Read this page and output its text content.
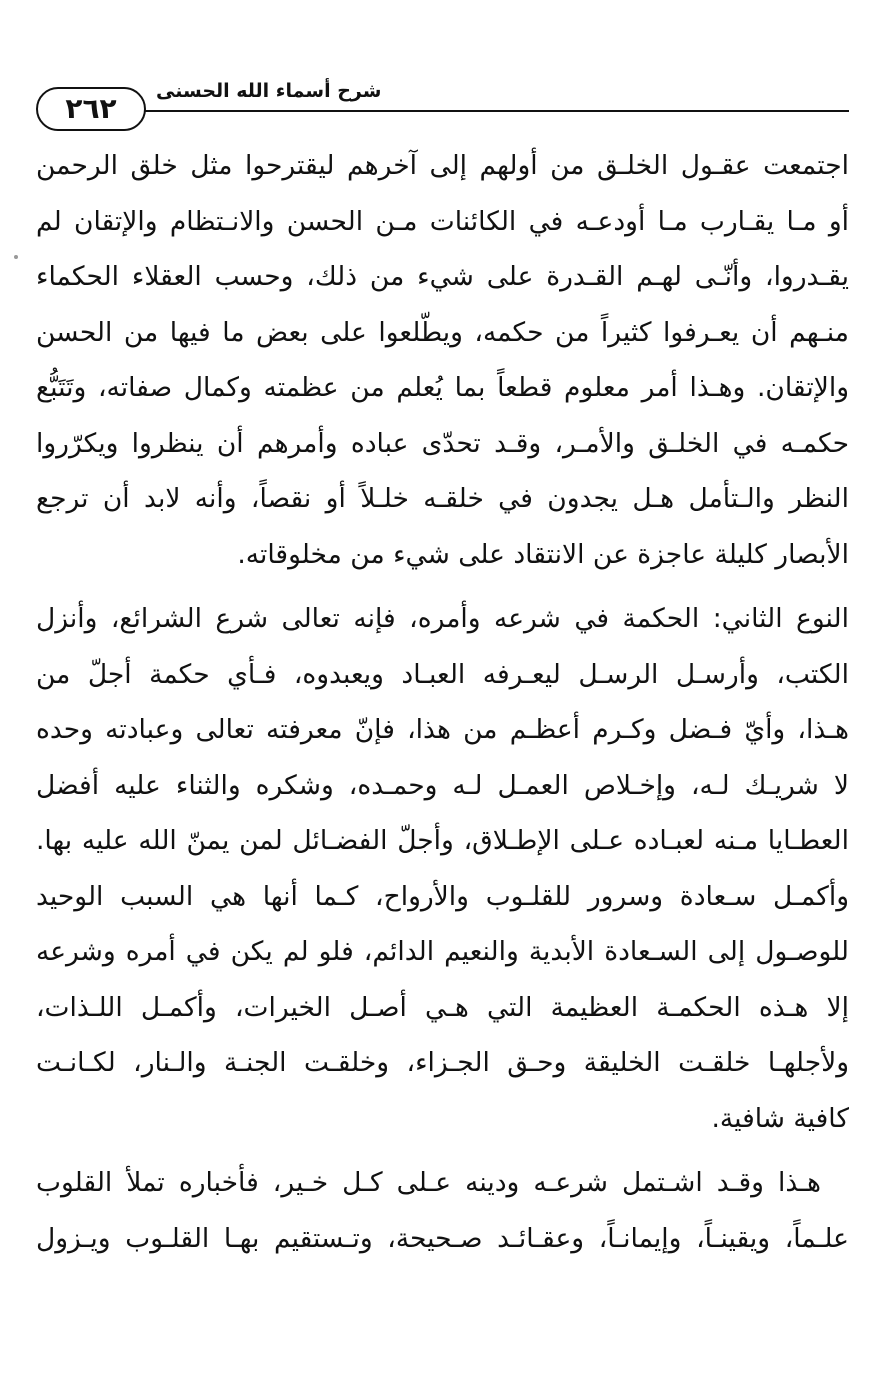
شرح أسماء الله الحسنى
٢٦٢

اجتمعت عقـول الخلـق من أولهم إلى آخرهم ليقترحوا مثل خلق الرحمن
أو مـا يقـارب مـا أودعـه في الكائنات مـن الحسن والانـتظام والإتقان لم
يقـدروا، وأنّـى لهـم القـدرة على شيء من ذلك، وحسب العقلاء الحكماء
منـهم أن يعـرفوا كثيراً من حكمه، ويطّلعوا على بعض ما فيها من الحسن
والإتقان. وهـذا أمر معلوم قطعاً بما يُعلم من عظمته وكمال صفاته، وتَتَبُّع
حكمـه في الخلـق والأمـر، وقـد تحدّى عباده وأمرهم أن ينظروا ويكرّروا
النظر والـتأمل هـل يجدون في خلقـه خلـلاً أو نقصاً، وأنه لابد أن ترجع
الأبصار كليلة عاجزة عن الانتقاد على شيء من مخلوقاته.

النوع الثاني: الحكمة في شرعه وأمره، فإنه تعالى شرع الشرائع، وأنزل
الكتب، وأرسـل الرسـل ليعـرفه العبـاد ويعبدوه، فـأي حكمة أجلّ من
هـذا، وأيّ فـضل وكـرم أعظـم من هذا، فإنّ معرفته تعالى وعبادته وحده
لا شريـك لـه، وإخـلاص العمـل لـه وحمـده، وشكره والثناء عليه أفضل
العطـايا مـنه لعبـاده عـلى الإطـلاق، وأجلّ الفضـائل لمن يمنّ الله عليه بها.
وأكمـل سـعادة وسرور للقلـوب والأرواح، كـما أنها هي السبب الوحيد
للوصـول إلى السـعادة الأبدية والنعيم الدائم، فلو لم يكن في أمره وشرعه
إلا هـذه الحكمـة العظيمة التي هـي أصـل الخيرات، وأكمـل اللـذات،
ولأجلهـا خلقـت الخليقة وحـق الجـزاء، وخلقـت الجنـة والـنار، لكـانـت
كافية شافية.

هـذا وقـد اشـتمل شرعـه ودينه عـلى كـل خـير، فأخباره تملأ القلوب
علـماً، ويقينـاً، وإيمانـاً، وعقـائـد صـحيحة، وتـستقيم بهـا القلـوب ويـزول
